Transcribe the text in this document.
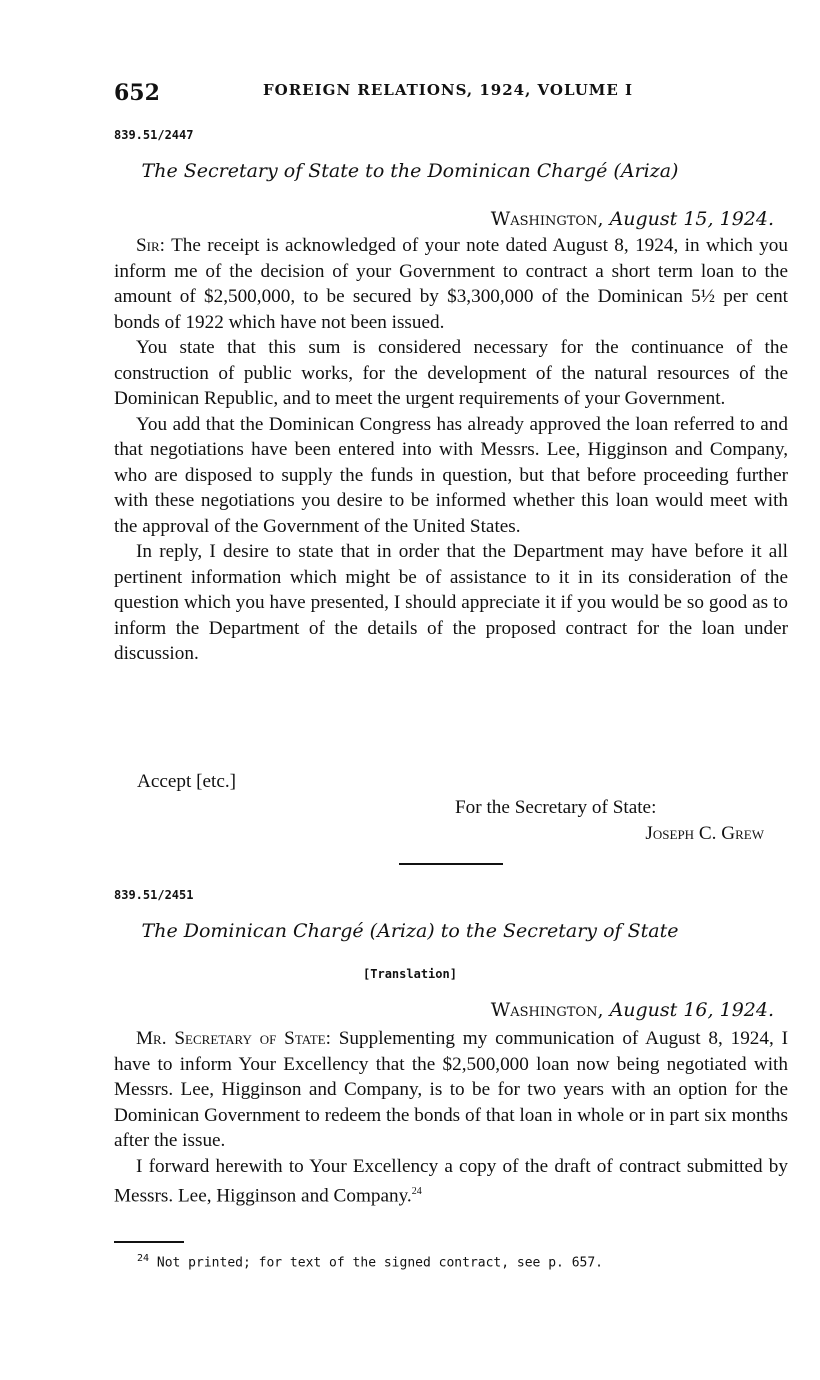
652	FOREIGN RELATIONS, 1924, VOLUME I
839.51/2447
The Secretary of State to the Dominican Chargé (Ariza)
Washington, August 15, 1924.

Sir: The receipt is acknowledged of your note dated August 8, 1924, in which you inform me of the decision of your Government to contract a short term loan to the amount of $2,500,000, to be secured by $3,300,000 of the Dominican 5½ per cent bonds of 1922 which have not been issued.

You state that this sum is considered necessary for the continuance of the construction of public works, for the development of the natural resources of the Dominican Republic, and to meet the urgent requirements of your Government.

You add that the Dominican Congress has already approved the loan referred to and that negotiations have been entered into with Messrs. Lee, Higginson and Company, who are disposed to supply the funds in question, but that before proceeding further with these negotiations you desire to be informed whether this loan would meet with the approval of the Government of the United States.

In reply, I desire to state that in order that the Department may have before it all pertinent information which might be of assistance to it in its consideration of the question which you have presented, I should appreciate it if you would be so good as to inform the Department of the details of the proposed contract for the loan under discussion.

Accept [etc.]
For the Secretary of State:
Joseph C. Grew
839.51/2451
The Dominican Chargé (Ariza) to the Secretary of State
[Translation]
Washington, August 16, 1924.

Mr. Secretary of State: Supplementing my communication of August 8, 1924, I have to inform Your Excellency that the $2,500,000 loan now being negotiated with Messrs. Lee, Higginson and Company, is to be for two years with an option for the Dominican Government to redeem the bonds of that loan in whole or in part six months after the issue.

I forward herewith to Your Excellency a copy of the draft of contract submitted by Messrs. Lee, Higginson and Company.$^{24}$

$^{24}$ Not printed; for text of the signed contract, see p. 657.
